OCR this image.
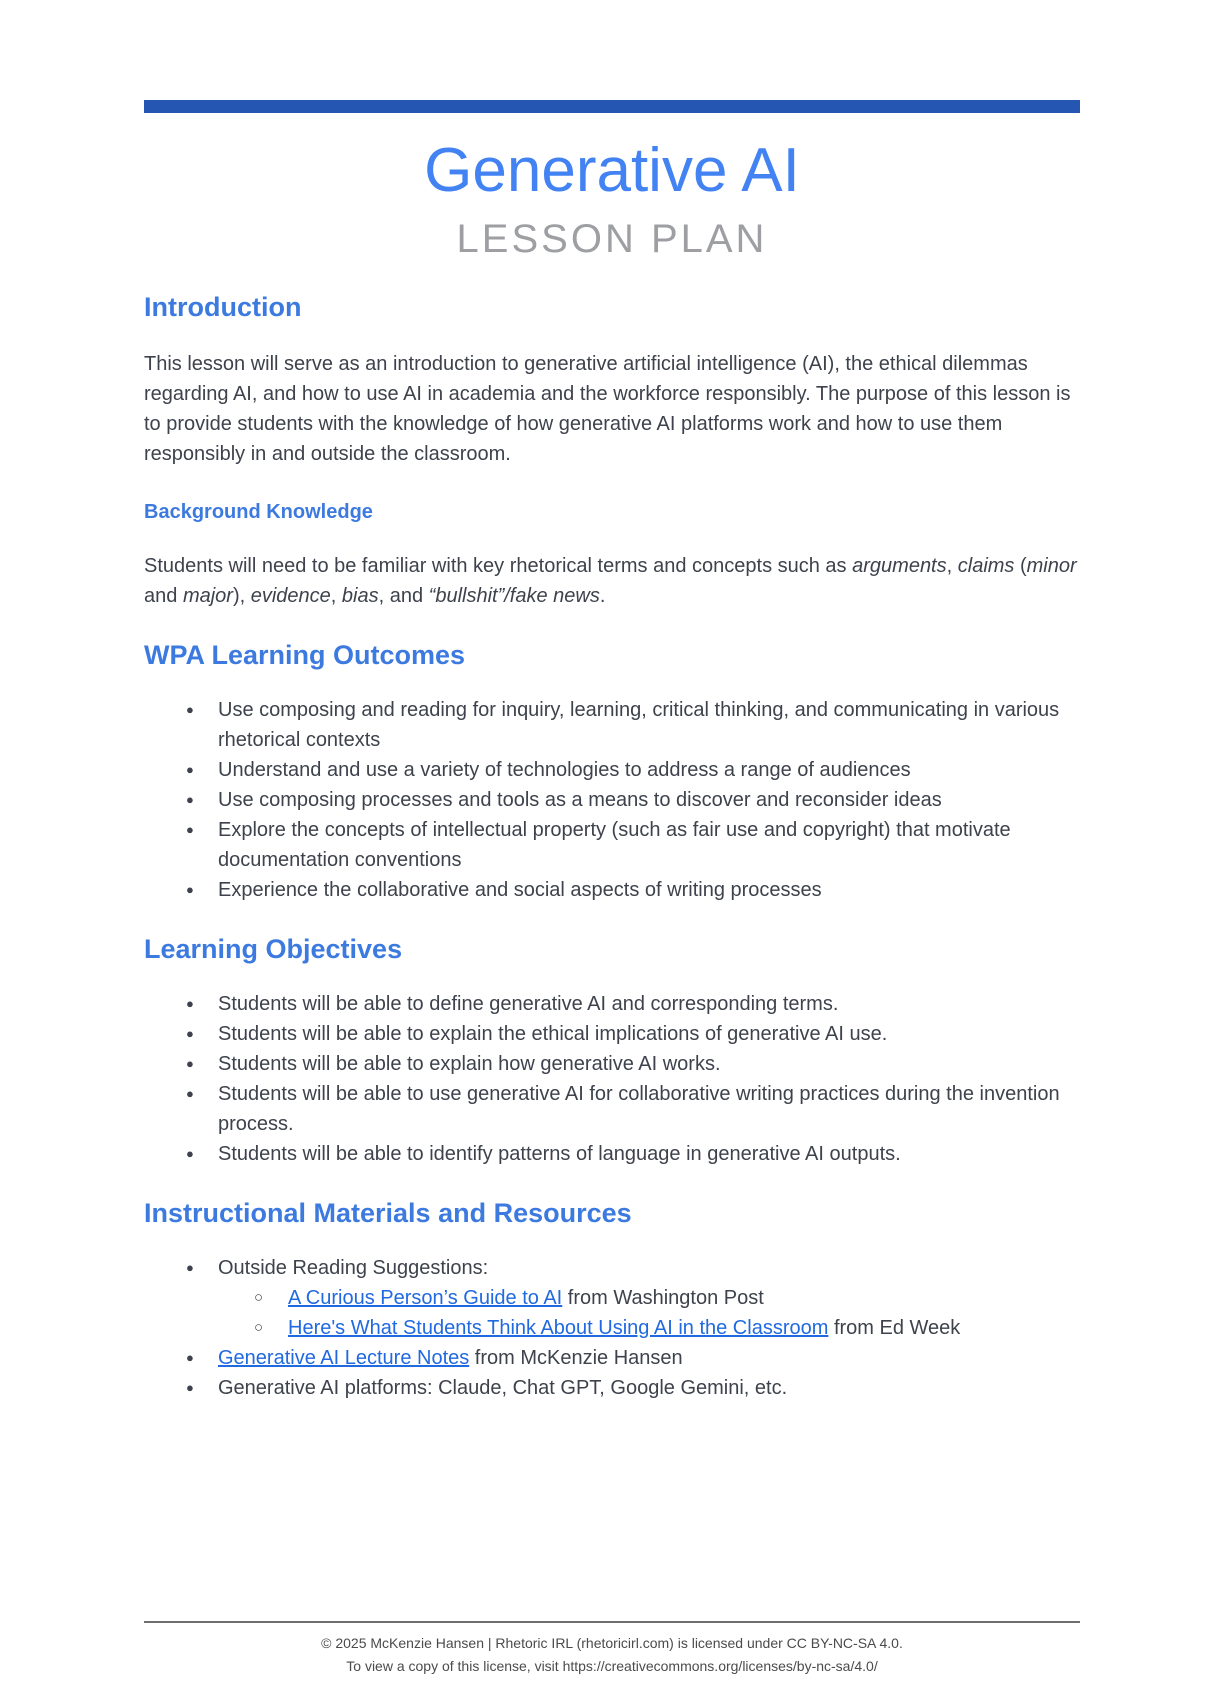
Generative AI
LESSON PLAN
Introduction

This lesson will serve as an introduction to generative artificial intelligence (AI), the ethical dilemmas regarding AI, and how to use AI in academia and the workforce responsibly. The purpose of this lesson is to provide students with the knowledge of how generative AI platforms work and how to use them responsibly in and outside the classroom.

Background Knowledge

Students will need to be familiar with key rhetorical terms and concepts such as arguments, claims (minor and major), evidence, bias, and “bullshit”/fake news.

WPA Learning Outcomes
● Use composing and reading for inquiry, learning, critical thinking, and communicating in various rhetorical contexts
● Understand and use a variety of technologies to address a range of audiences
● Use composing processes and tools as a means to discover and reconsider ideas
● Explore the concepts of intellectual property (such as fair use and copyright) that motivate documentation conventions
● Experience the collaborative and social aspects of writing processes
Learning Objectives
● Students will be able to define generative AI and corresponding terms.
● Students will be able to explain the ethical implications of generative AI use.
● Students will be able to explain how generative AI works.
● Students will be able to use generative AI for collaborative writing practices during the invention process.
● Students will be able to identify patterns of language in generative AI outputs.
Instructional Materials and Resources
● Outside Reading Suggestions:
○ A Curious Person’s Guide to AI from Washington Post
○ Here's What Students Think About Using AI in the Classroom from Ed Week
● Generative AI Lecture Notes from McKenzie Hansen
● Generative AI platforms: Claude, Chat GPT, Google Gemini, etc.
© 2025 McKenzie Hansen | Rhetoric IRL (rhetoricirl.com) is licensed under CC BY-NC-SA 4.0.
To view a copy of this license, visit https://creativecommons.org/licenses/by-nc-sa/4.0/
